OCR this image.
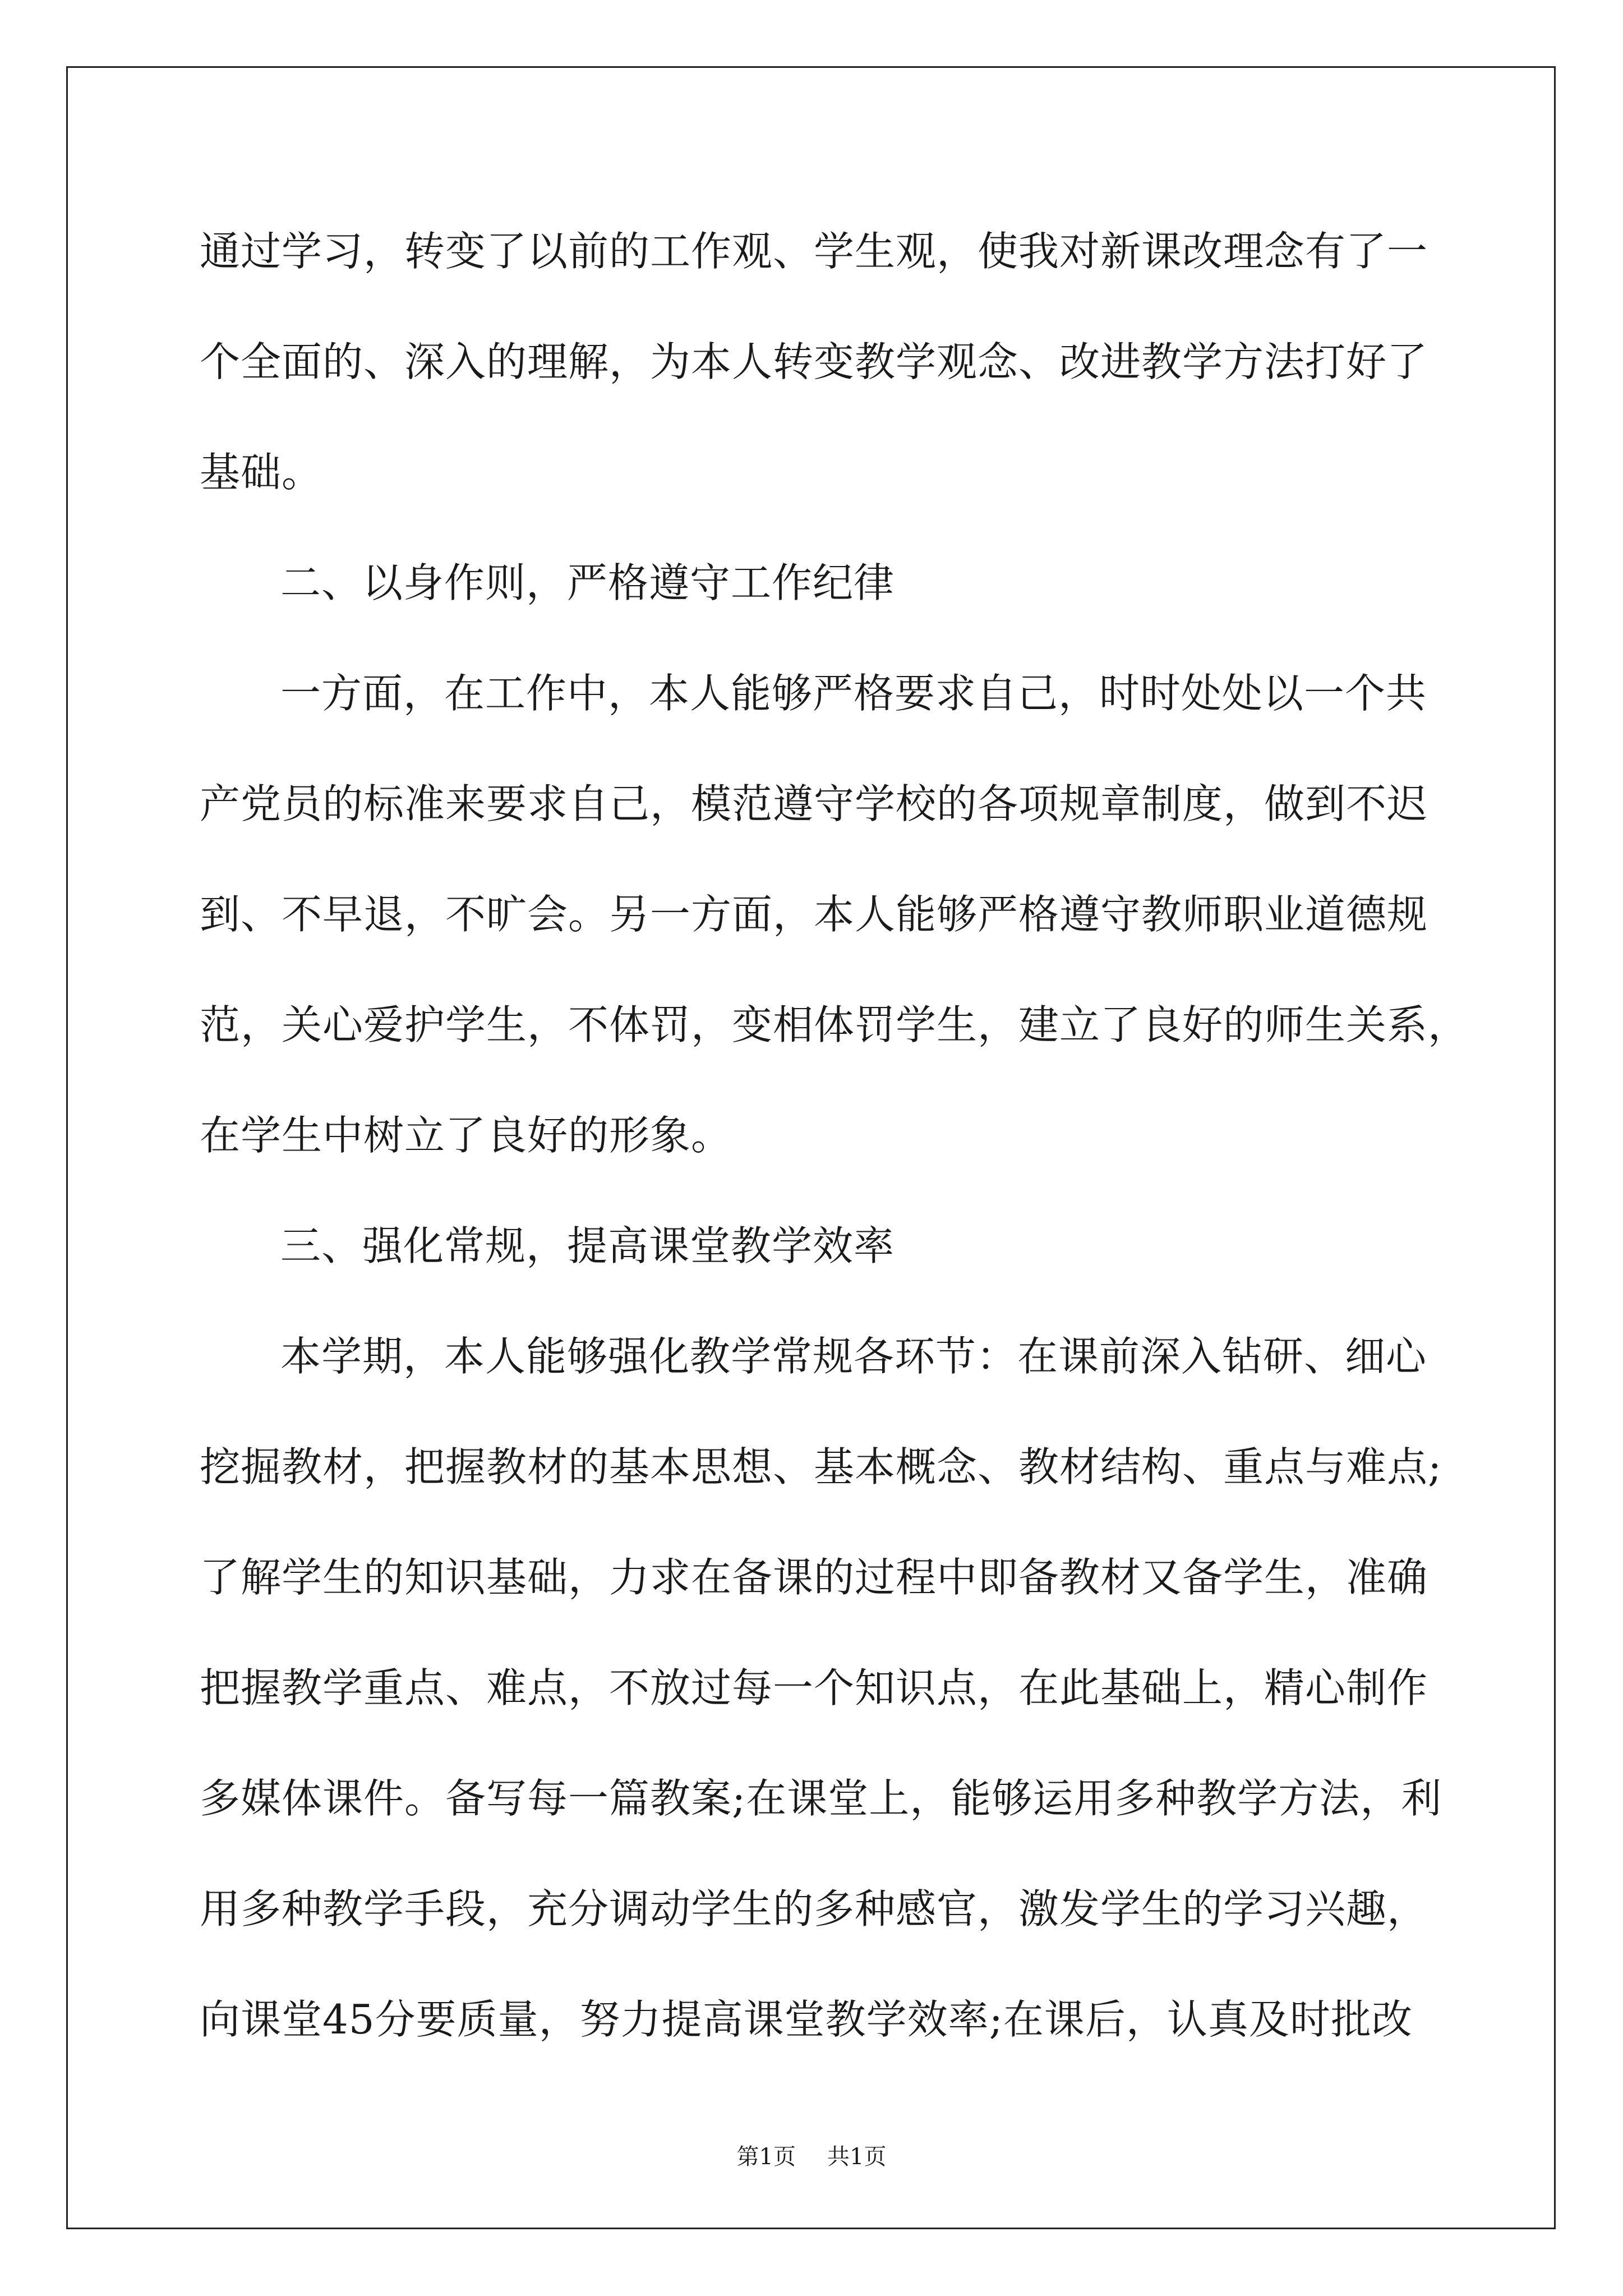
通过学习，转变了以前的工作观、学生观，使我对新课改理念有了一
个全面的、深入的理解，为本人转变教学观念、改进教学方法打好了
基础。
二、以身作则，严格遵守工作纪律
一方面，在工作中，本人能够严格要求自己，时时处处以一个共
产党员的标准来要求自己，模范遵守学校的各项规章制度，做到不迟
到、不早退，不旷会。另一方面，本人能够严格遵守教师职业道德规
范，关心爱护学生，不体罚，变相体罚学生，建立了良好的师生关系，
在学生中树立了良好的形象。
三、强化常规，提高课堂教学效率
本学期，本人能够强化教学常规各环节：在课前深入钻研、细心
挖掘教材，把握教材的基本思想、基本概念、教材结构、重点与难点;
了解学生的知识基础，力求在备课的过程中即备教材又备学生，准确
把握教学重点、难点，不放过每一个知识点，在此基础上，精心制作
多媒体课件。备写每一篇教案;在课堂上，能够运用多种教学方法，利
用多种教学手段，充分调动学生的多种感官，激发学生的学习兴趣，
向课堂45分要质量，努力提高课堂教学效率;在课后，认真及时批改
第1页 共1页
